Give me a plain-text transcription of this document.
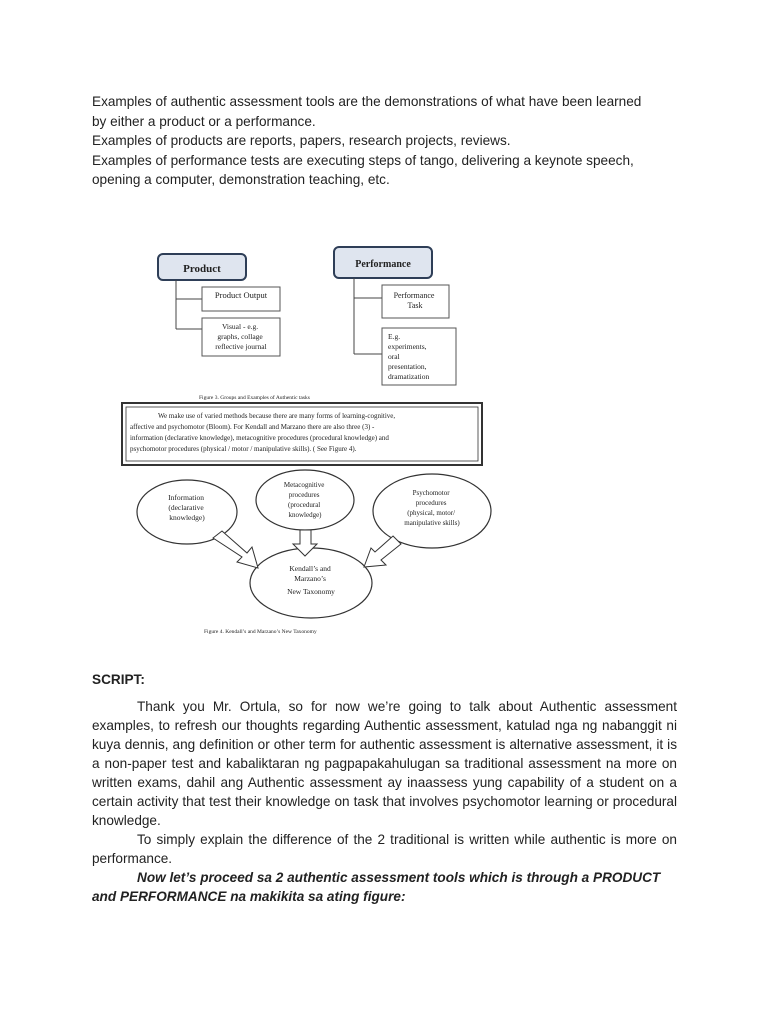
Examples of authentic assessment tools are the demonstrations of what have been learned by either a product or a performance.

Examples of products are reports, papers, research projects, reviews.

Examples of performance tests are executing steps of tango, delivering a keynote speech, opening a computer, demonstration teaching, etc.

Product	Performance
Product Output
Visual - e.g. graphs, collage reflective journal
Performance Task
E.g. experiments, oral presentation, dramatization
Figure 3. Groups and Examples of Authentic tasks
We make use of varied methods because there are many forms of learning-cognitive, affective and psychomotor (Bloom). For Kendall and Marzano there are also three (3) - information (declarative knowledge), metacognitive procedures (procedural knowledge) and psychomotor procedures (physical / motor / manipulative skills). ( See Figure 4).
Information (declarative knowledge)
Metacognitive procedures (procedural knowledge)
Psychomotor procedures (physical, motor/ manipulative skills)
Kendall’s and Marzano’s New Taxonomy
Figure 4. Kendall’s and Marzano’s New Taxonomy
SCRIPT:

Thank you Mr. Ortula, so for now we’re going to talk about Authentic assessment examples, to refresh our thoughts regarding Authentic assessment, katulad nga ng nabanggit ni kuya dennis, ang definition or other term for authentic assessment is alternative assessment, it is a non-paper test and kabaliktaran ng pagpapakahulugan sa traditional assessment na more on written exams, dahil ang Authentic assessment ay inaassess yung capability of a student on a certain activity that test their knowledge on task that involves psychomotor learning or procedural knowledge.

To simply explain the difference of the 2 traditional is written while authentic is more on performance.

Now let’s proceed sa 2 authentic assessment tools which is through a PRODUCT and PERFORMANCE na makikita sa ating figure:
